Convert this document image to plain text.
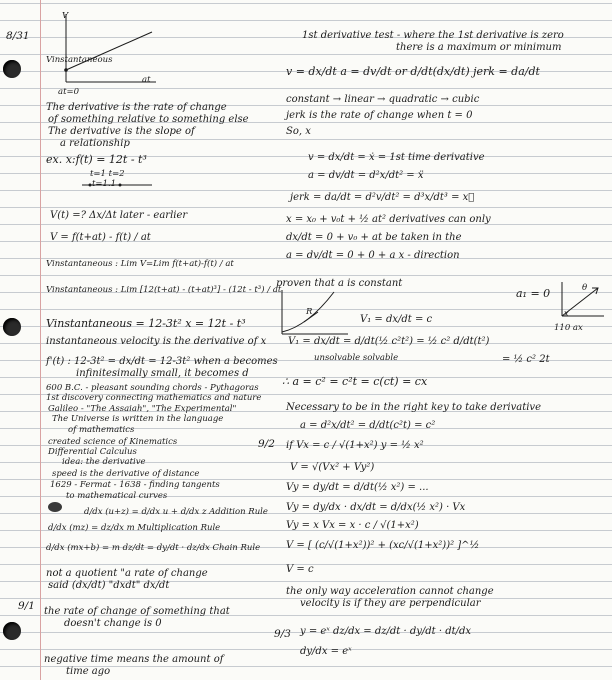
8/31
9/2
9/1
9/3
V
Vinstantaneous
at=0
at
The derivative is the rate of change
of something relative to something else
The derivative is the slope of
a relationship
ex. x:f(t) = 12t - t³
t=1 t=2
t=1.1
V(t) =? Δx/Δt later - earlier
V = f(t+at) - f(t) / at
Vinstantaneous : Lim V=Lim f(t+at)-f(t) / at
Vinstantaneous : Lim [12(t+at) - (t+at)³] - (12t - t³) / at
Vinstantaneous = 12-3t² x = 12t - t³
instantaneous velocity is the derivative of x
f'(t) : 12-3t² = dx/dt = 12-3t² when a becomes
infinitesimally small, it becomes d
600 B.C. - pleasant sounding chords - Pythagoras
1st discovery connecting mathematics and nature
Galileo - "The Assaiah", "The Experimental"
The Universe is written in the language
of mathematics
created science of Kinematics
Differential Calculus
idea: the derivative
speed is the derivative of distance
1629 - Fermat - 1638 - finding tangents
to mathematical curves
d/dx (u+z) = d/dx u + d/dx z Addition Rule
d/dx (mz) = dz/dx m Multiplication Rule
d/dx (mx+b) = m dz/dt = dy/dt · dz/dx Chain Rule
not a quotient "a rate of change
said (dx/dt) "dxdt" dx/dt
the rate of change of something that
doesn't change is 0
negative time means the amount of
time ago
1st derivative test - where the 1st derivative is zero
there is a maximum or minimum
v = dx/dt a = dv/dt or d/dt(dx/dt) jerk = da/dt
constant → linear → quadratic → cubic
jerk is the rate of change when t = 0
So, x
v = dx/dt = ẋ = 1st time derivative
a = dv/dt = d²x/dt² = ẍ
jerk = da/dt = d²v/dt² = d³x/dt³ = x⃛
x = x₀ + v₀t + ½ at² derivatives can only
dx/dt = 0 + v₀ + at be taken in the
a = dv/dt = 0 + 0 + a x - direction
proven that a is constant
R
a₁ = 0	θ
x
110 ax
V₁ = dx/dt = c
V₁ = dx/dt = d/dt(½ c²t²) = ½ c² d/dt(t²)
unsolvable solvable	= ½ c² 2t
∴ a = c² = c²t = c(ct) = cx
Necessary to be in the right key to take derivative
a = d²x/dt² = d/dt(c²t) = c²
if Vx = c / √(1+x²) y = ½ x²
V = √(Vx² + Vy²)
Vy = dy/dt = d/dt(½ x²) = ...
Vy = dy/dx · dx/dt = d/dx(½ x²) · Vx
Vy = x Vx = x · c / √(1+x²)
V = [ (c/√(1+x²))² + (xc/√(1+x²))² ]^½
V = c
the only way acceleration cannot change
velocity is if they are perpendicular
y = eˣ dz/dx = dz/dt · dy/dt · dt/dx
dy/dx = eˣ
